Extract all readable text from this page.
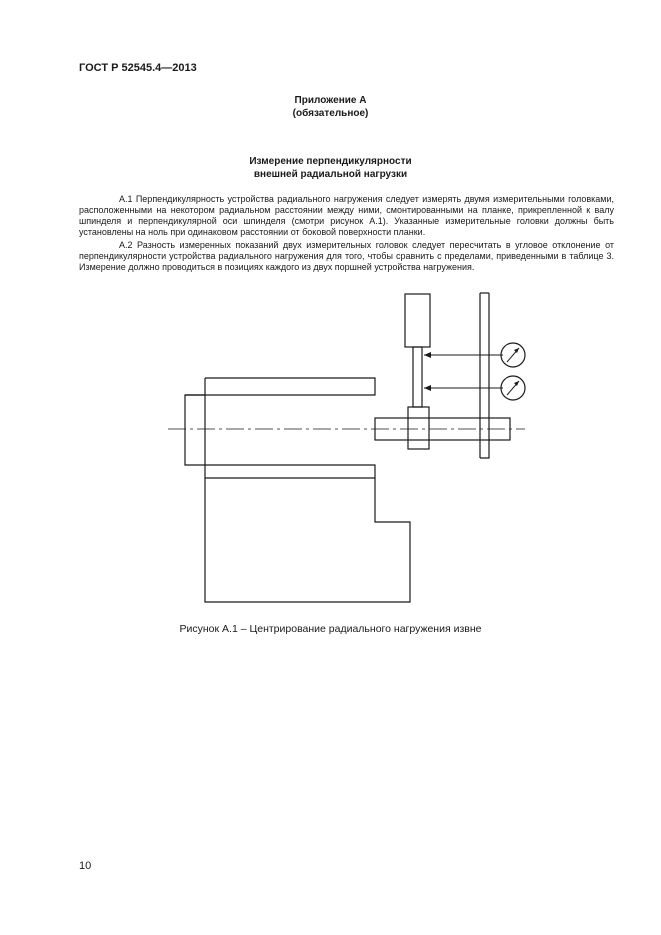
ГОСТ Р 52545.4—2013
Приложение А
(обязательное)
Измерение перпендикулярности
внешней радиальной нагрузки

А.1 Перпендикулярность устройства радиального нагружения следует измерять двумя измерительными головками, расположенными на некотором радиальном расстоянии между ними, смонтированными на планке, прикрепленной к валу шпинделя и перпендикулярной оси шпинделя (смотри рисунок А.1). Указанные измерительные головки должны быть установлены на ноль при одинаковом расстоянии от боковой поверхности планки.

А.2 Разность измеренных показаний двух измерительных головок следует пересчитать в угловое отклонение от перпендикулярности устройства радиального нагружения для того, чтобы сравнить с пределами, приведенными в таблице 3. Измерение должно проводиться в позициях каждого из двух поршней устройства нагружения.

Рисунок А.1 – Центрирование радиального нагружения извне
10
